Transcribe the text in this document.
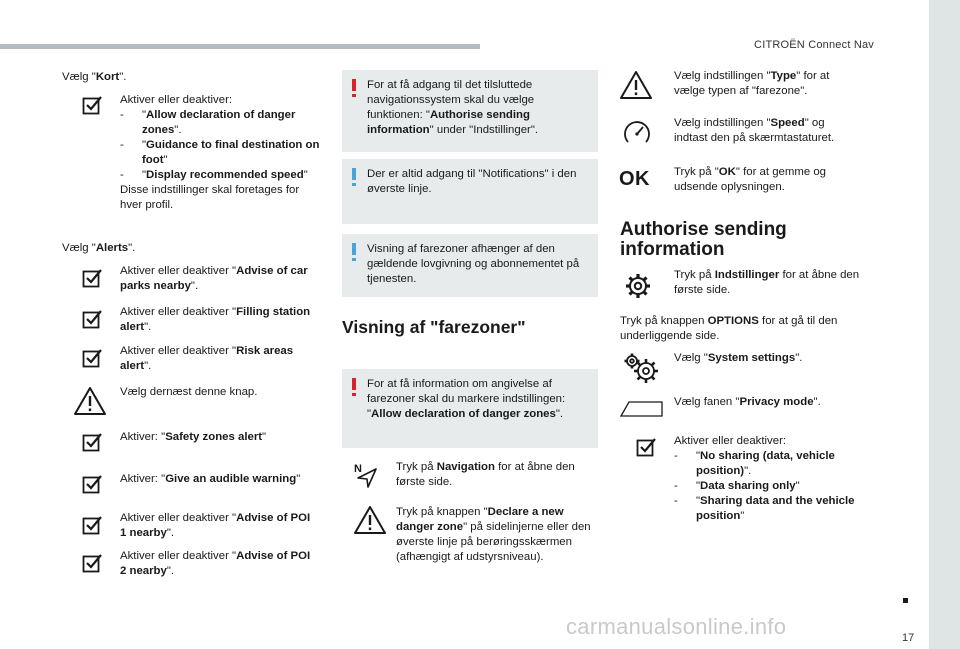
CITROËN Connect Nav
17
carmanualsonline.info
Vælg "Kort".
Aktiver eller deaktiver:
-	"Allow declaration of danger zones".
-	"Guidance to final destination on foot"
-	"Display recommended speed"
Disse indstillinger skal foretages for hver profil.
Vælg "Alerts".
Aktiver eller deaktiver "Advise of car parks nearby".
Aktiver eller deaktiver "Filling station alert".
Aktiver eller deaktiver "Risk areas alert".
Vælg dernæst denne knap.
Aktiver: "Safety zones alert"
Aktiver: "Give an audible warning"
Aktiver eller deaktiver "Advise of POI 1 nearby".
Aktiver eller deaktiver "Advise of POI 2 nearby".
For at få adgang til det tilsluttede navigationssystem skal du vælge funktionen: "Authorise sending information" under "Indstillinger".
Der er altid adgang til "Notifications" i den øverste linje.
Visning af farezoner afhænger af den gældende lovgivning og abonnementet på tjenesten.
Visning af "farezoner"
For at få information om angivelse af farezoner skal du markere indstillingen: "Allow declaration of danger zones".
N	Tryk på Navigation for at åbne den første side.
Tryk på knappen "Declare a new danger zone" på sidelinjerne eller den øverste linje på berøringsskærmen (afhængigt af udstyrsniveau).
Vælg indstillingen "Type" for at vælge typen af "farezone".
Vælg indstillingen "Speed" og indtast den på skærmtastaturet.
OK Tryk på "OK" for at gemme og udsende oplysningen.
Authorise sending
information
Tryk på Indstillinger for at åbne den første side.
Tryk på knappen OPTIONS for at gå til den underliggende side.
Vælg "System settings".
Vælg fanen "Privacy mode".
Aktiver eller deaktiver:
-	"No sharing (data, vehicle position)".
-	"Data sharing only"
-	"Sharing data and the vehicle position"
